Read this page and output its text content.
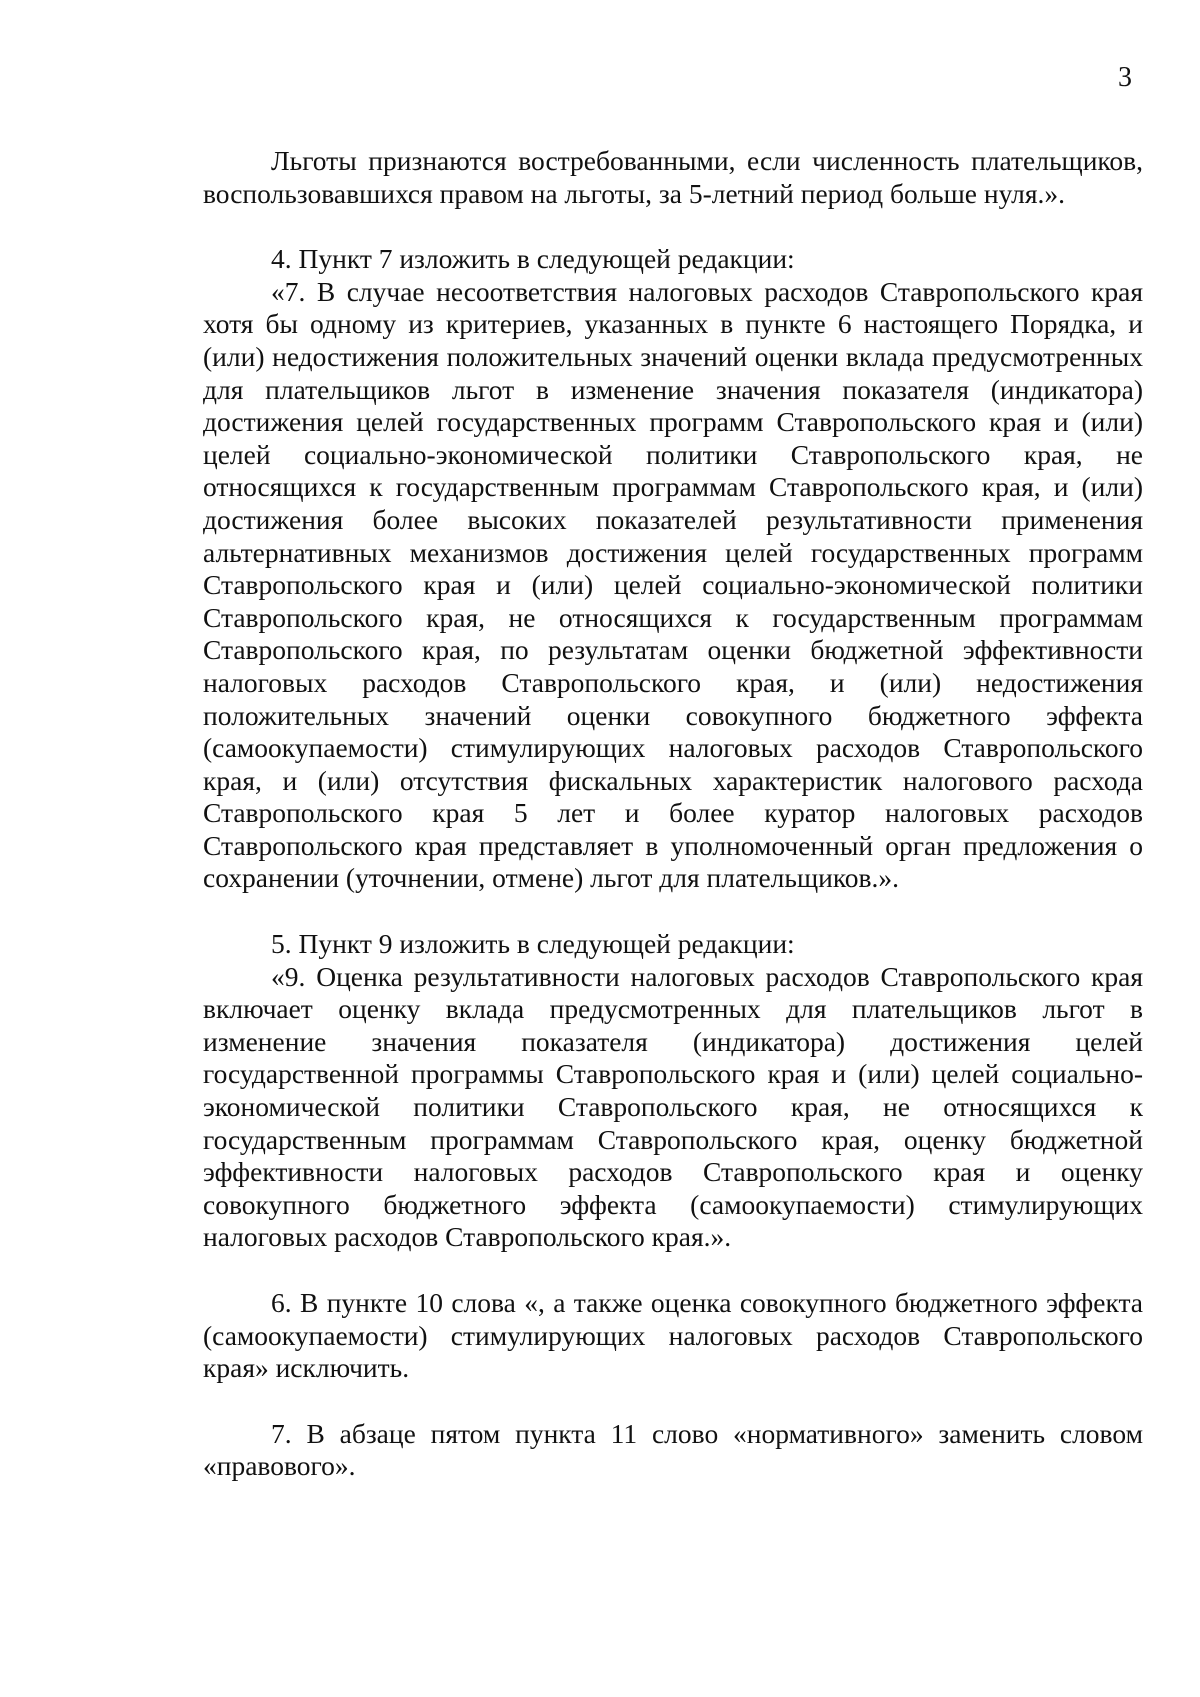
3

Льготы признаются востребованными, если численность плательщиков, воспользовавшихся правом на льготы, за 5-летний период больше нуля.».

4. Пункт 7 изложить в следующей редакции:

«7. В случае несоответствия налоговых расходов Ставропольского края хотя бы одному из критериев, указанных в пункте 6 настоящего Порядка, и (или) недостижения положительных значений оценки вклада предусмотренных для плательщиков льгот в изменение значения показателя (индикатора) достижения целей государственных программ Ставропольского края и (или) целей социально-экономической политики Ставропольского края, не относящихся к государственным программам Ставропольского края, и (или) достижения более высоких показателей результативности применения альтернативных механизмов достижения целей государственных программ Ставропольского края и (или) целей социально-экономической политики Ставропольского края, не относящихся к государственным программам Ставропольского края, по результатам оценки бюджетной эффективности налоговых расходов Ставропольского края, и (или) недостижения положительных значений оценки совокупного бюджетного эффекта (самоокупаемости) стимулирующих налоговых расходов Ставропольского края, и (или) отсутствия фискальных характеристик налогового расхода Ставропольского края 5 лет и более куратор налоговых расходов Ставропольского края представляет в уполномоченный орган предложения о сохранении (уточнении, отмене) льгот для плательщиков.».

5. Пункт 9 изложить в следующей редакции:

«9. Оценка результативности налоговых расходов Ставропольского края включает оценку вклада предусмотренных для плательщиков льгот в изменение значения показателя (индикатора) достижения целей государственной программы Ставропольского края и (или) целей социально-экономической политики Ставропольского края, не относящихся к государственным программам Ставропольского края, оценку бюджетной эффективности налоговых расходов Ставропольского края и оценку совокупного бюджетного эффекта (самоокупаемости) стимулирующих налоговых расходов Ставропольского края.».

6. В пункте 10 слова «, а также оценка совокупного бюджетного эффекта (самоокупаемости) стимулирующих налоговых расходов Ставропольского края» исключить.

7. В абзаце пятом пункта 11 слово «нормативного» заменить словом «правового».
